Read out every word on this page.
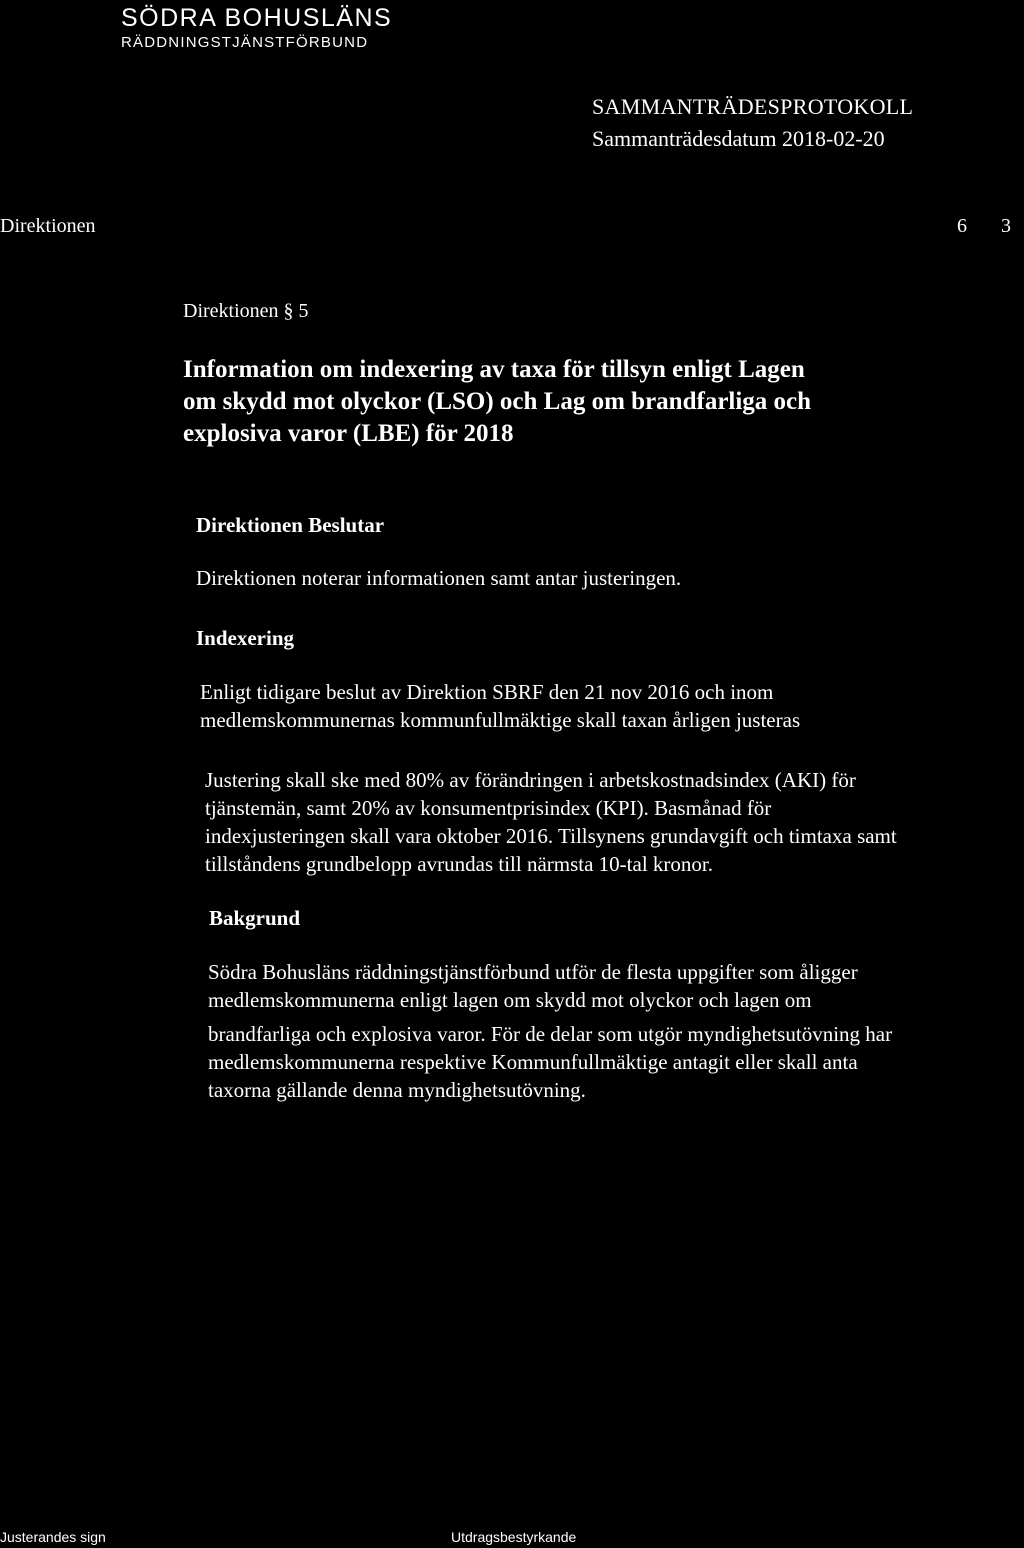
SÖDRA BOHUSLÄNS
RÄDDNINGSTJÄNSTFÖRBUND
SAMMANTRÄDESPROTOKOLL
Sammanträdesdatum 2018-02-20
Direktionen	6 3
Direktionen § 5
Information om indexering av taxa för tillsyn enligt Lagen
om skydd mot olyckor (LSO) och Lag om brandfarliga och
explosiva varor (LBE) för 2018
Direktionen Beslutar
Direktionen noterar informationen samt antar justeringen.
Indexering
Enligt tidigare beslut av Direktion SBRF den 21 nov 2016 och inom
medlemskommunernas kommunfullmäktige skall taxan årligen justeras
Justering skall ske med 80% av förändringen i arbetskostnadsindex (AKI) för
tjänstemän, samt 20% av konsumentprisindex (KPI). Basmånad för
indexjusteringen skall vara oktober 2016. Tillsynens grundavgift och timtaxa samt
tillståndens grundbelopp avrundas till närmsta 10-tal kronor.
Bakgrund
Södra Bohusläns räddningstjänstförbund utför de flesta uppgifter som åligger
medlemskommunerna enligt lagen om skydd mot olyckor och lagen om
brandfarliga och explosiva varor. För de delar som utgör myndighetsutövning har
medlemskommunerna respektive Kommunfullmäktige antagit eller skall anta
taxorna gällande denna myndighetsutövning.
Justerandes sign	Utdragsbestyrkande
